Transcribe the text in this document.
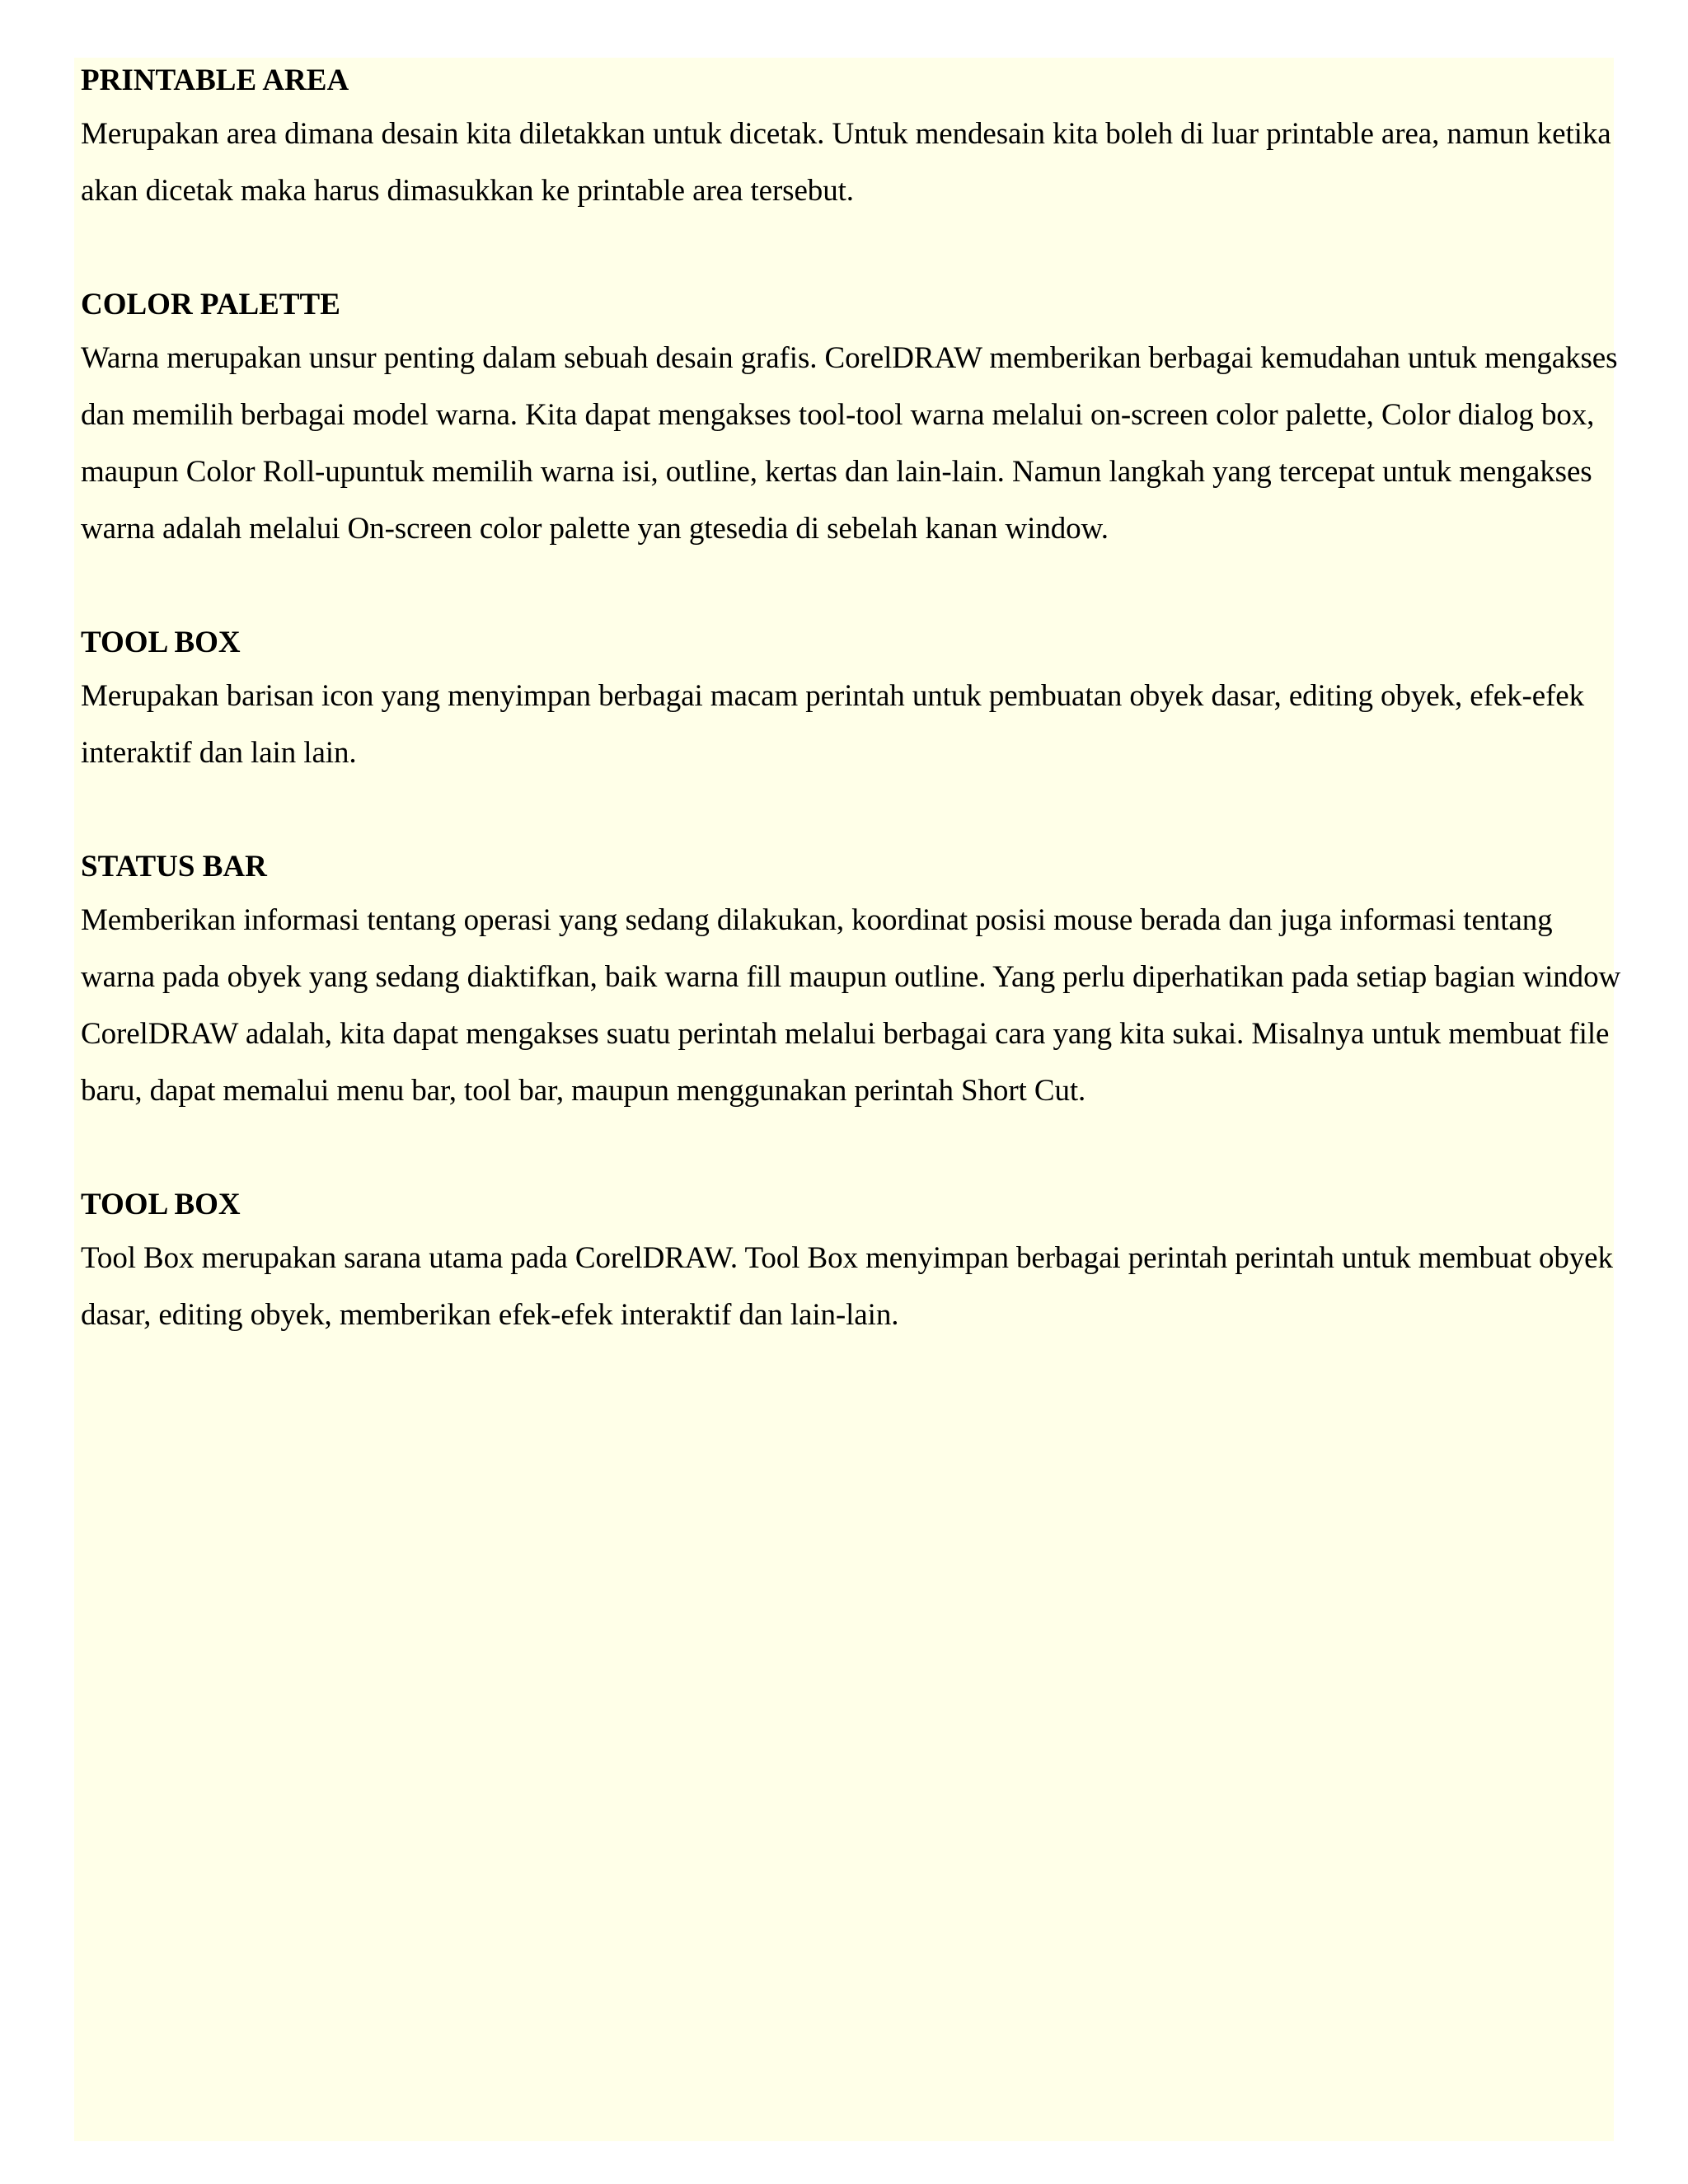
PRINTABLE AREA

Merupakan area dimana desain kita diletakkan untuk dicetak. Untuk mendesain kita boleh di luar printable area, namun ketika akan dicetak maka harus dimasukkan ke printable area tersebut.

COLOR PALETTE

Warna merupakan unsur penting dalam sebuah desain grafis. CorelDRAW memberikan berbagai kemudahan untuk mengakses dan memilih berbagai model warna. Kita dapat mengakses tool-tool warna melalui on-screen color palette, Color dialog box, maupun Color Roll-upuntuk memilih warna isi, outline, kertas dan lain-lain. Namun langkah yang tercepat untuk mengakses warna adalah melalui On-screen color palette yan gtesedia di sebelah kanan window.

TOOL BOX

Merupakan barisan icon yang menyimpan berbagai macam perintah untuk pembuatan obyek dasar, editing obyek, efek-efek interaktif dan lain lain.

STATUS BAR

Memberikan informasi tentang operasi yang sedang dilakukan, koordinat posisi mouse berada dan juga informasi tentang warna pada obyek yang sedang diaktifkan, baik warna fill maupun outline. Yang perlu diperhatikan pada setiap bagian window CorelDRAW adalah, kita dapat mengakses suatu perintah melalui berbagai cara yang kita sukai. Misalnya untuk membuat file baru, dapat memalui menu bar, tool bar, maupun menggunakan perintah Short Cut.

TOOL BOX

Tool Box merupakan sarana utama pada CorelDRAW. Tool Box menyimpan berbagai perintah perintah untuk membuat obyek dasar, editing obyek, memberikan efek-efek interaktif dan lain-lain.
